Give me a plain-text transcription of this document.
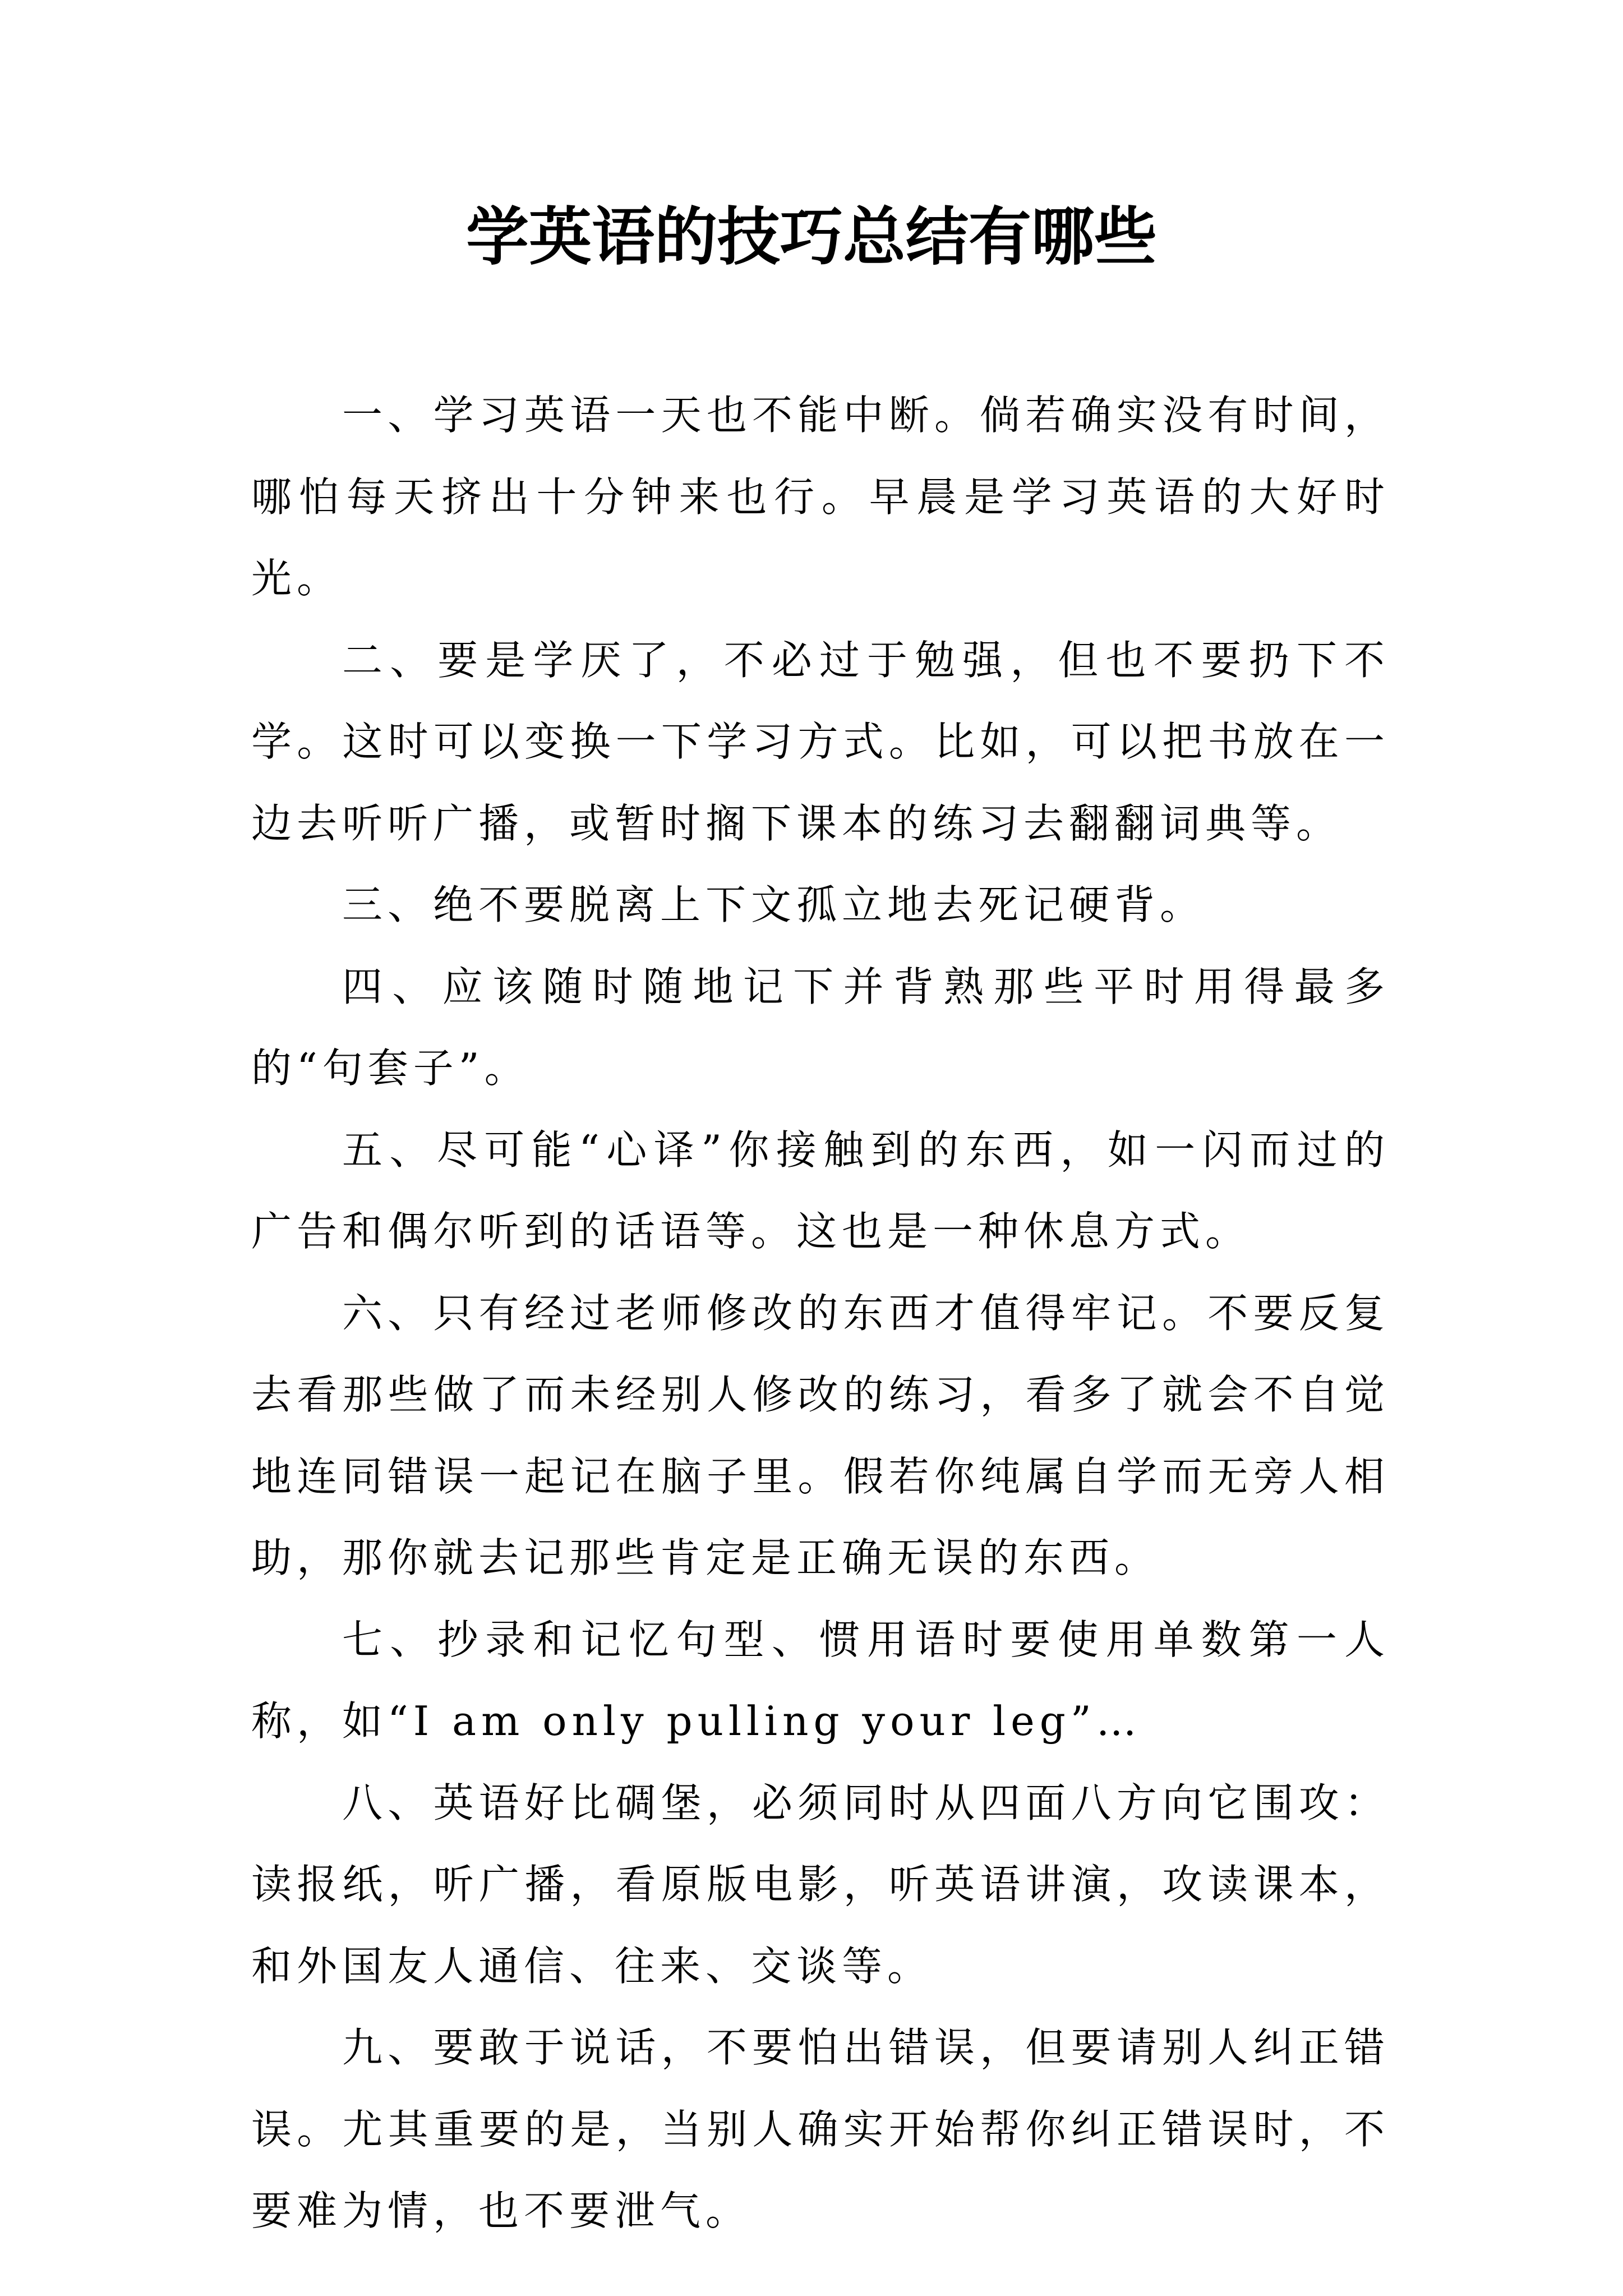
学英语的技巧总结有哪些

一、学习英语一天也不能中断。倘若确实没有时间，哪怕每天挤出十分钟来也行。早晨是学习英语的大好时光。

二、要是学厌了，不必过于勉强，但也不要扔下不学。这时可以变换一下学习方式。比如，可以把书放在一边去听听广播，或暂时搁下课本的练习去翻翻词典等。

三、绝不要脱离上下文孤立地去死记硬背。

四、应该随时随地记下并背熟那些平时用得最多的“句套子”。

五、尽可能“心译”你接触到的东西，如一闪而过的广告和偶尔听到的话语等。这也是一种休息方式。

六、只有经过老师修改的东西才值得牢记。不要反复去看那些做了而未经别人修改的练习，看多了就会不自觉地连同错误一起记在脑子里。假若你纯属自学而无旁人相助，那你就去记那些肯定是正确无误的东西。

七、抄录和记忆句型、惯用语时要使用单数第一人称，如“I am only pulling your leg”…

八、英语好比碉堡，必须同时从四面八方向它围攻：读报纸，听广播，看原版电影，听英语讲演，攻读课本，和外国友人通信、往来、交谈等。

九、要敢于说话，不要怕出错误，但要请别人纠正错误。尤其重要的是，当别人确实开始帮你纠正错误时，不要难为情，也不要泄气。
